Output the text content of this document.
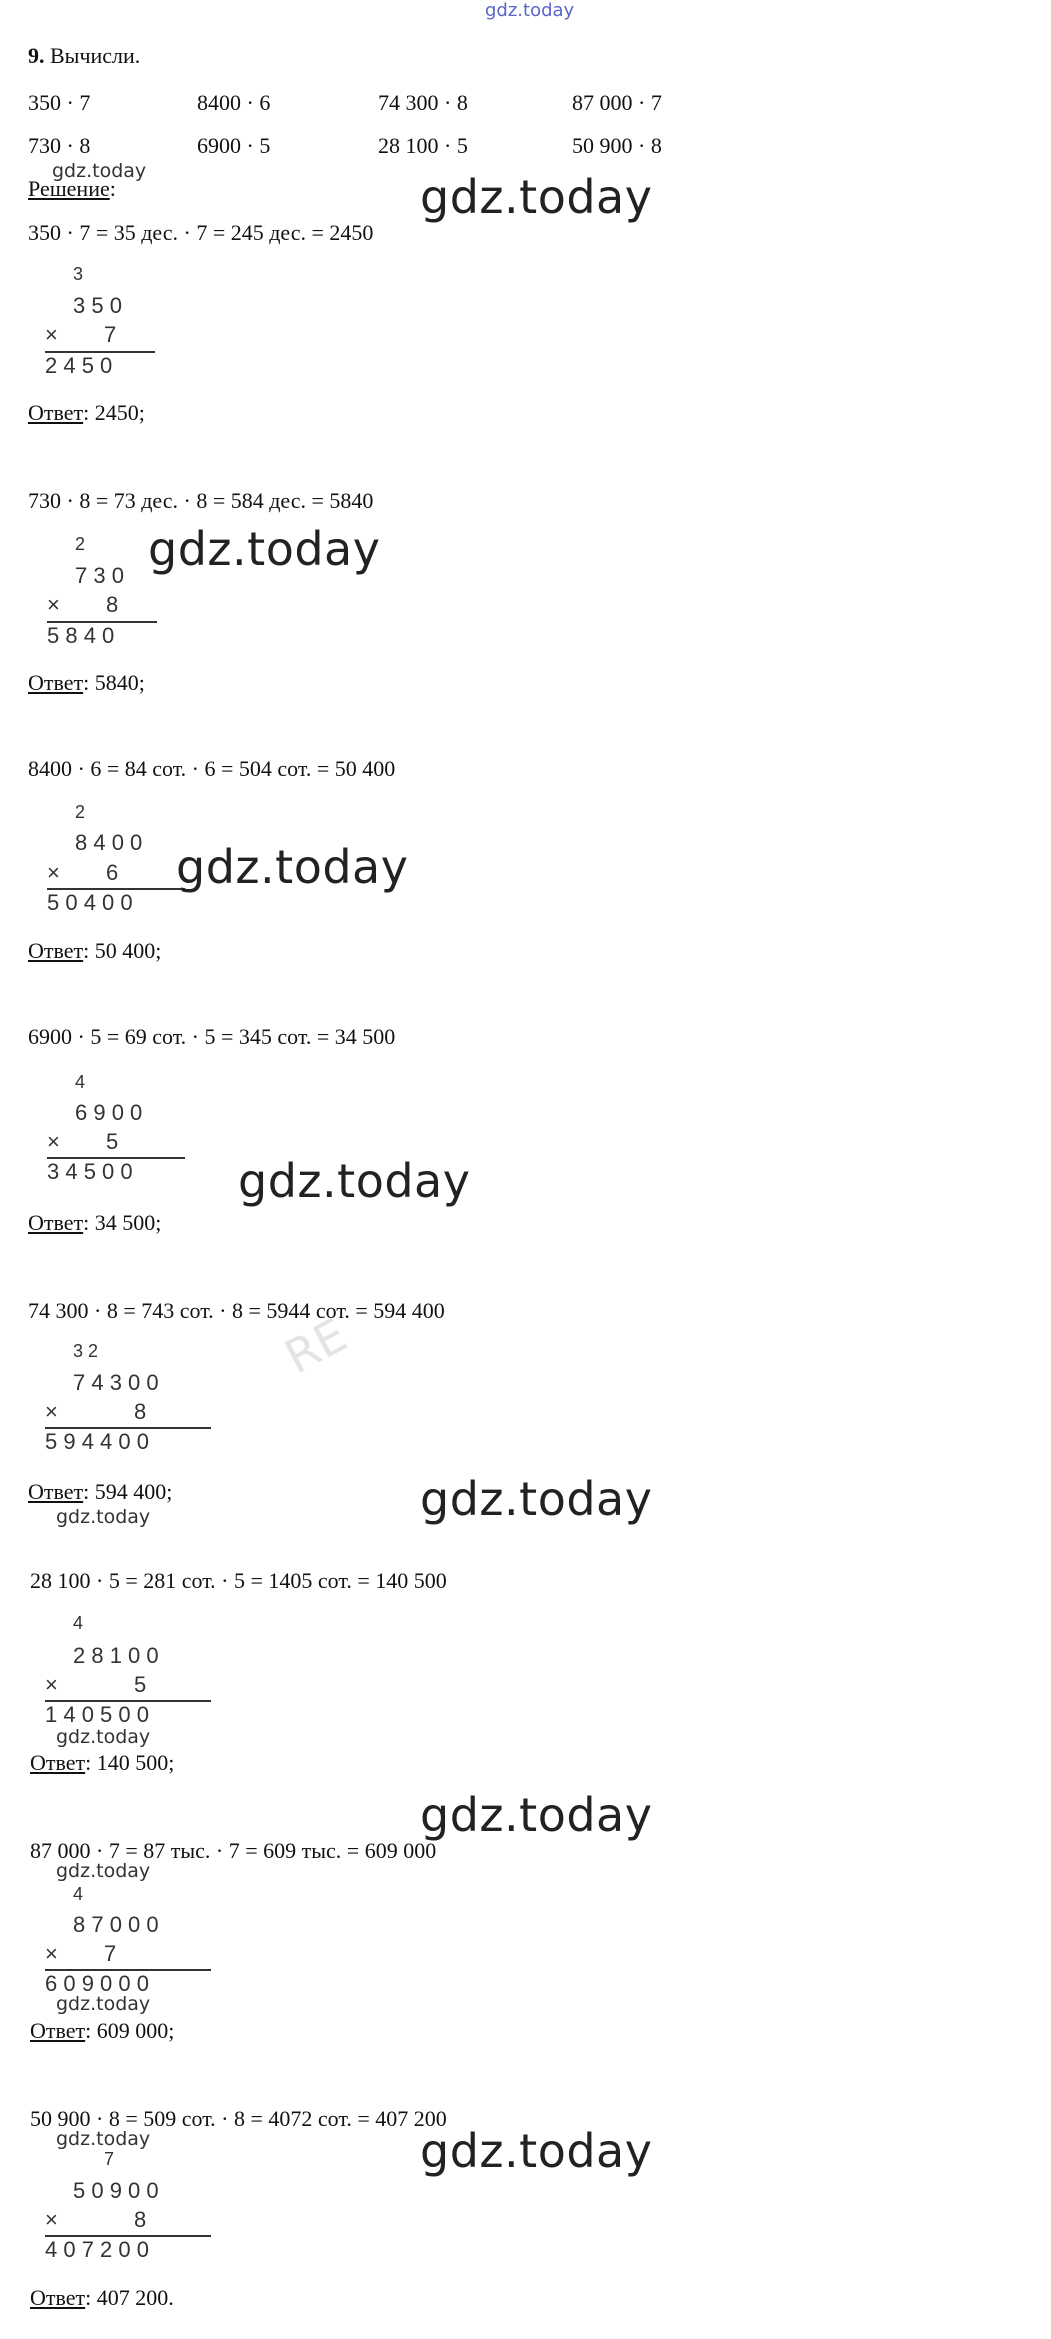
gdz.today
9. Вычисли.
350 · 7	8400 · 6	74 300 · 8	87 000 · 7
730 · 8	6900 · 5	28 100 · 5	50 900 · 8
Решение:
350 · 7 = 35 дес. · 7 = 245 дес. = 2450
3
3 5 0
× 7
2 4 5 0
Ответ: 2450;
730 · 8 = 73 дес. · 8 = 584 дес. = 5840
2
7 3 0
× 8
5 8 4 0
Ответ: 5840;
8400 · 6 = 84 сот. · 6 = 504 сот. = 50 400
2
8 4 0 0
× 6
5 0 4 0 0
Ответ: 50 400;
6900 · 5 = 69 сот. · 5 = 345 сот. = 34 500
4
6 9 0 0
× 5
3 4 5 0 0
Ответ: 34 500;
74 300 · 8 = 743 сот. · 8 = 5944 сот. = 594 400
3 2
7 4 3 0 0
×	8
5 9 4 4 0 0
Ответ: 594 400;
28 100 · 5 = 281 сот. · 5 = 1405 сот. = 140 500
4
2 8 1 0 0
×	5
1 4 0 5 0 0
Ответ: 140 500;
87 000 · 7 = 87 тыс. · 7 = 609 тыс. = 609 000
4
8 7 0 0 0
× 7
6 0 9 0 0 0
Ответ: 609 000;
50 900 · 8 = 509 сот. · 8 = 4072 сот. = 407 200
7
5 0 9 0 0
×	8
4 0 7 2 0 0
Ответ: 407 200.
RE
gdz.today
gdz.today
gdz.today
gdz.today
gdz.today
gdz.today
gdz.today
gdz.today
gdz.today
gdz.today
gdz.today
gdz.today
gdz.today
